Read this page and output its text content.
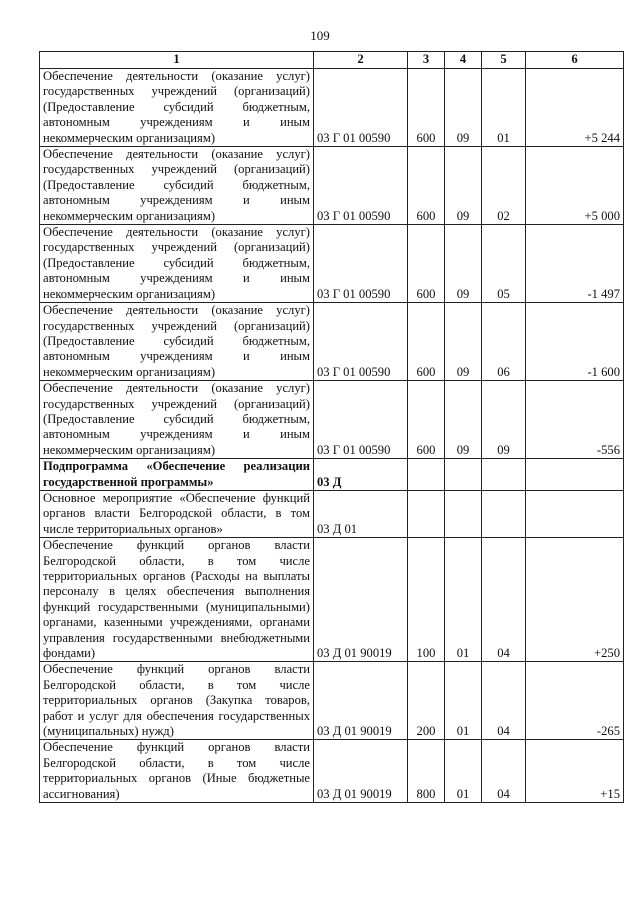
109
1	2	3	4	5	6
Обеспечение деятельности (оказание услуг) государственных учреждений (организаций) (Предоставление субсидий бюджетным, автономным учреждениям и иным некоммерческим организациям)	03 Г 01 00590	600	09	01	+5 244
Обеспечение деятельности (оказание услуг) государственных учреждений (организаций) (Предоставление субсидий бюджетным, автономным учреждениям и иным некоммерческим организациям)	03 Г 01 00590	600	09	02	+5 000
Обеспечение деятельности (оказание услуг) государственных учреждений (организаций) (Предоставление субсидий бюджетным, автономным учреждениям и иным некоммерческим организациям)	03 Г 01 00590	600	09	05	-1 497
Обеспечение деятельности (оказание услуг) государственных учреждений (организаций) (Предоставление субсидий бюджетным, автономным учреждениям и иным некоммерческим организациям)	03 Г 01 00590	600	09	06	-1 600
Обеспечение деятельности (оказание услуг) государственных учреждений (организаций) (Предоставление субсидий бюджетным, автономным учреждениям и иным некоммерческим организациям)	03 Г 01 00590	600	09	09	-556
Подпрограмма «Обеспечение реализации государственной программы»	03 Д				
Основное мероприятие «Обеспечение функций органов власти Белгородской области, в том числе территориальных органов»	03 Д 01				
Обеспечение функций органов власти Белгородской области, в том числе территориальных органов (Расходы на выплаты персоналу в целях обеспечения выполнения функций государственными (муниципальными) органами, казенными учреждениями, органами управления государственными внебюджетными фондами)	03 Д 01 90019	100	01	04	+250
Обеспечение функций органов власти Белгородской области, в том числе территориальных органов (Закупка товаров, работ и услуг для обеспечения государственных (муниципальных) нужд)	03 Д 01 90019	200	01	04	-265
Обеспечение функций органов власти Белгородской области, в том числе территориальных органов (Иные бюджетные ассигнования)	03 Д 01 90019	800	01	04	+15
